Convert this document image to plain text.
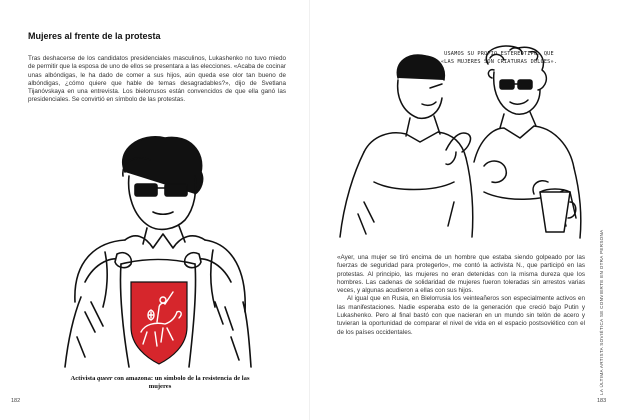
Mujeres al frente de la protesta

Tras deshacerse de los candidatos presidenciales masculinos, Lukashenko no tuvo miedo de permitir que la esposa de uno de ellos se presentara a las elecciones. «Acaba de cocinar unas albóndigas, le ha dado de comer a sus hijos, aún queda ese olor tan bueno de albóndigas, ¿cómo quiere que hable de temas desagradables?», dijo de Svetlana Tijanóvskaya en una entrevista. Los bielorrusos están convencidos de que ella ganó las presidenciales. Se convirtió en símbolo de las protestas.

Activista queer con amazona: un símbolo de la resistencia de las mujeres
182
USAMOS SU PROPIO ESTEREOTIPO: QUE
«LAS MUJERES SON CRIATURAS DULCES».

«Ayer, una mujer se tiró encima de un hombre que estaba siendo golpeado por las fuerzas de seguridad para protegerlo», me contó la activista N., que participó en las protestas. Al principio, las mujeres no eran detenidas con la misma dureza que los hombres. Las cadenas de solidaridad de mujeres fueron toleradas sin arrestos varias veces, y algunas acudieron a ellas con sus hijos.

Al igual que en Rusia, en Bielorrusia los veinteañeros son especialmente activos en las manifestaciones. Nadie esperaba esto de la generación que creció bajo Putin y Lukashenko. Pero al final bastó con que nacieran en un mundo sin telón de acero y tuvieran la oportunidad de comparar el nivel de vida en el espacio postsoviético con el de los países occidentales.	LA ÚLTIMA ARTISTA SOVIÉTICA SE CONVIERTE EN OTRA PERSONA
183
